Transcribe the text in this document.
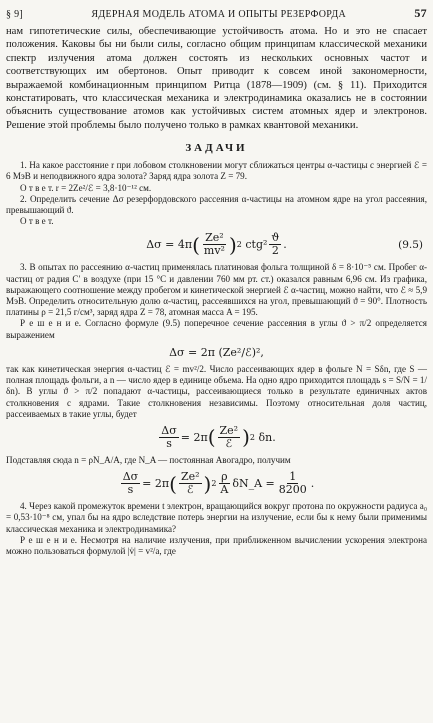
§ 9]	ЯДЕРНАЯ МОДЕЛЬ АТОМА И ОПЫТЫ РЕЗЕРФОРДА	57

нам гипотетические силы, обеспечивающие устойчивость атома. Но и это не спасает положения. Каковы бы ни были силы, согласно общим принципам классической механики спектр излучения атома должен состоять из нескольких основных частот и соответствующих им обертонов. Опыт приводит к совсем иной закономерности, выражаемой комбинационным принципом Ритца (1878—1909) (см. § 11). Приходится констатировать, что классическая механика и электродинамика оказались не в состоянии объяснить существование атомов как устойчивых систем атомных ядер и электронов. Решение этой проблемы было получено только в рамках квантовой механики.

ЗАДАЧИ

1. На какое расстояние r при лобовом столкновении могут сближаться центры α-частицы с энергией ℰ = 6 МэВ и неподвижного ядра золота? Заряд ядра золота Z = 79.

О т в е т. r = 2Ze²/ℰ = 3,8·10⁻¹² см.

2. Определить сечение Δσ резерфордовского рассеяния α-частицы на атомном ядре на угол рассеяния, превышающий ϑ.

О т в е т.

Δσ = 4π ( $\frac{\text{Ze²}}{\text{mv²}}$ ) 2
$ctg^2 \frac{ϑ}{2}$ .	(9.5)

3. В опытах по рассеянию α-частиц применялась платиновая фольга толщиной δ = 8·10⁻⁵ см. Пробег α-частиц от радия C′ в воздухе (при 15 °С и давлении 760 мм рт. ст.) оказался равным 6,96 см. Из графика, выражающего соотношение между пробегом и кинетической энергией ℰ α-частиц, можно найти, что ℰ ≈ 5,9 МэВ. Определить относительную долю α-частиц, рассеявшихся на угол, превышающий ϑ = 90°. Плотность платины ρ = 21,5 г/см³, заряд ядра Z = 78, атомная масса A = 195.

Р е ш е н и е. Согласно формуле (9.5) поперечное сечение рассеяния в углы ϑ > π/2 определяется выражением

Δσ = 2π (Ze²/ℰ)²,

так как кинетическая энергия α-частиц ℰ = mv²/2. Число рассеивающих ядер в фольге N = Sδn, где S — полная площадь фольги, а n — число ядер в единице объема. На одно ядро приходится площадь s = S/N = 1/δn). В углы ϑ > π/2 попадают α-частицы, рассеивающиеся только в результате единичных актов столкновения с ядрами. Такие столкновения независимы. Поэтому относительная доля частиц, рассеиваемых в такие углы, будет

$\frac{\Delta\sigma}{s} = 2\pi$ ( $\frac{\text{Ze²}}{\text{ℰ}}$ ) 2
δn.

Подставляя сюда n = ρN_A/A, где N_A — постоянная Авогадро, получим

$\frac{\Delta\sigma}{s} = 2\pi$ ( $\frac{\text{Ze²}}{\text{ℰ}}$ ) $2 \frac{\rho}{A}$ δN_A = $\frac{1}{8200}$ .

4. Через какой промежуток времени t электрон, вращающийся вокруг протона по окружности радиуса a₀ = 0,53·10⁻⁸ см, упал бы на ядро вследствие потерь энергии на излучение, если бы к нему были применимы классическая механика и электродинамика?

Р е ш е н и е. Несмотря на наличие излучения, при приближенном вычислении ускорения электрона можно пользоваться формулой |v̇| = v²/a, где
